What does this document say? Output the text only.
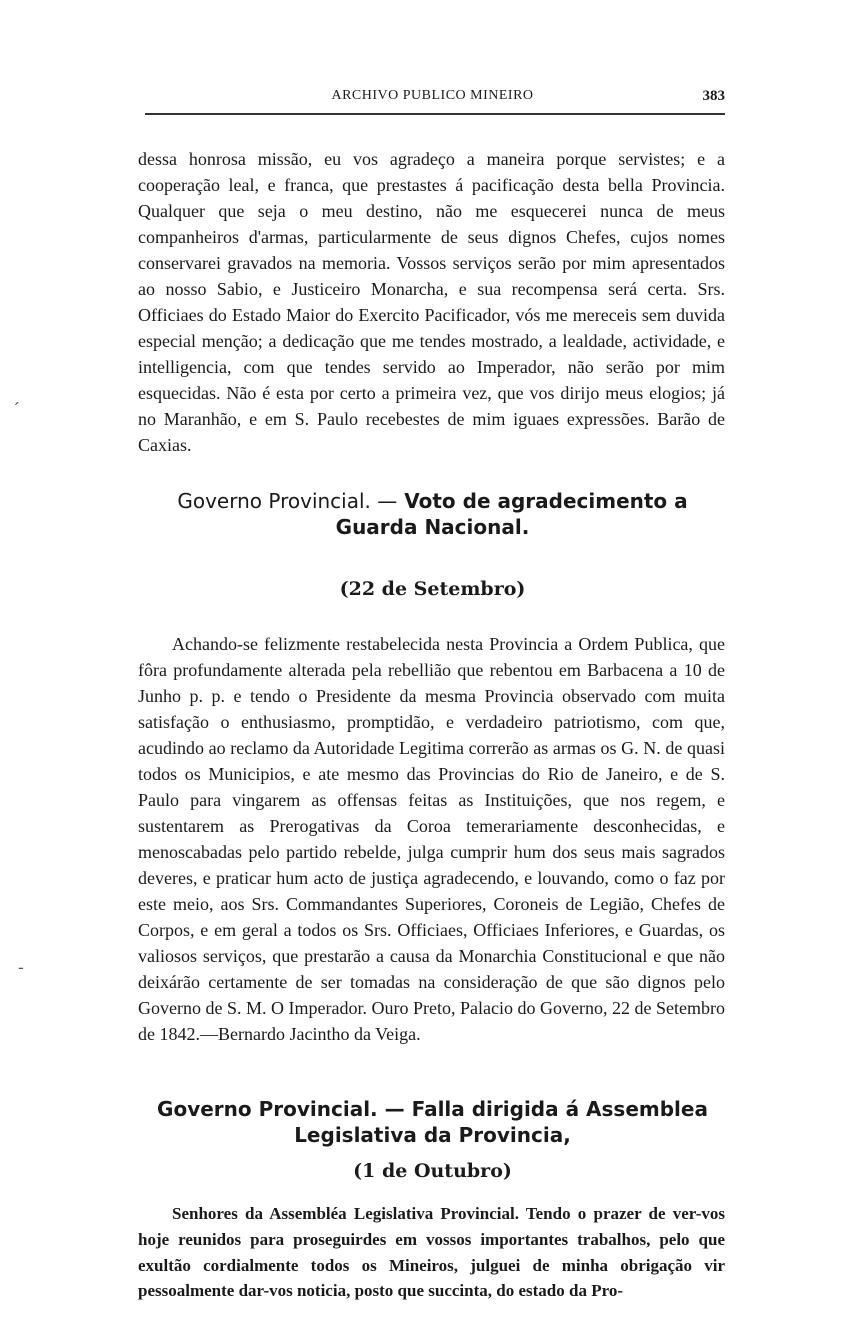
ARCHIVO PUBLICO MINEIRO	383

dessa honrosa missão, eu vos agradeço a maneira porque servistes; e a cooperação leal, e franca, que prestastes á pacificação desta bella Provincia. Qualquer que seja o meu destino, não me esquecerei nunca de meus companheiros d'armas, particularmente de seus dignos Chefes, cujos nomes conservarei gravados na memoria. Vossos serviços serão por mim apresentados ao nosso Sabio, e Justiceiro Monarcha, e sua recompensa será certa. Srs. Officiaes do Estado Maior do Exercito Pacificador, vós me mereceis sem duvida especial menção; a dedicação que me tendes mostrado, a lealdade, actividade, e intelligencia, com que tendes servido ao Imperador, não serão por mim esquecidas. Não é esta por certo a primeira vez, que vos dirijo meus elogios; já no Maranhão, e em S. Paulo recebestes de mim iguaes expressões. Barão de Caxias.

ˏ
Governo Provincial. — Voto de agradecimento a Guarda Nacional.

(22 de Setembro)

Achando-se felizmente restabelecida nesta Provincia a Ordem Publica, que fôra profundamente alterada pela rebellião que rebentou em Barbacena a 10 de Junho p. p. e tendo o Presidente da mesma Provincia observado com muita satisfação o enthusiasmo, promptidão, e verdadeiro patriotismo, com que, acudindo ao reclamo da Autoridade Legitima correrão as armas os G. N. de quasi todos os Municipios, e ate mesmo das Provincias do Rio de Janeiro, e de S. Paulo para vingarem as offensas feitas as Instituições, que nos regem, e sustentarem as Prerogativas da Coroa temerariamente desconhecidas, e menoscabadas pelo partido rebelde, julga cumprir hum dos seus mais sagrados deveres, e praticar hum acto de justiça agradecendo, e louvando, como o faz por este meio, aos Srs. Commandantes Superiores, Coroneis de Legião, Chefes de Corpos, e em geral a todos os Srs. Officiaes, Officiaes Inferiores, e Guardas, os valiosos serviços, que prestarão a causa da Monarchia Constitucional e que não deixárão certamente de ser tomadas na consideração de que são dignos pelo Governo de S. M. O Imperador. Ouro Preto, Palacio do Governo, 22 de Setembro de 1842.—Bernardo Jacintho da Veiga.

-
Governo Provincial. — Falla dirigida á Assemblea Legislativa da Provincia,

(1 de Outubro)

Senhores da Assembléa Legislativa Provincial. Tendo o prazer de ver-vos hoje reunidos para proseguirdes em vossos importantes trabalhos, pelo que exultão cordialmente todos os Mineiros, julguei de minha obrigação vir pessoalmente dar-vos noticia, posto que succinta, do estado da Pro-
